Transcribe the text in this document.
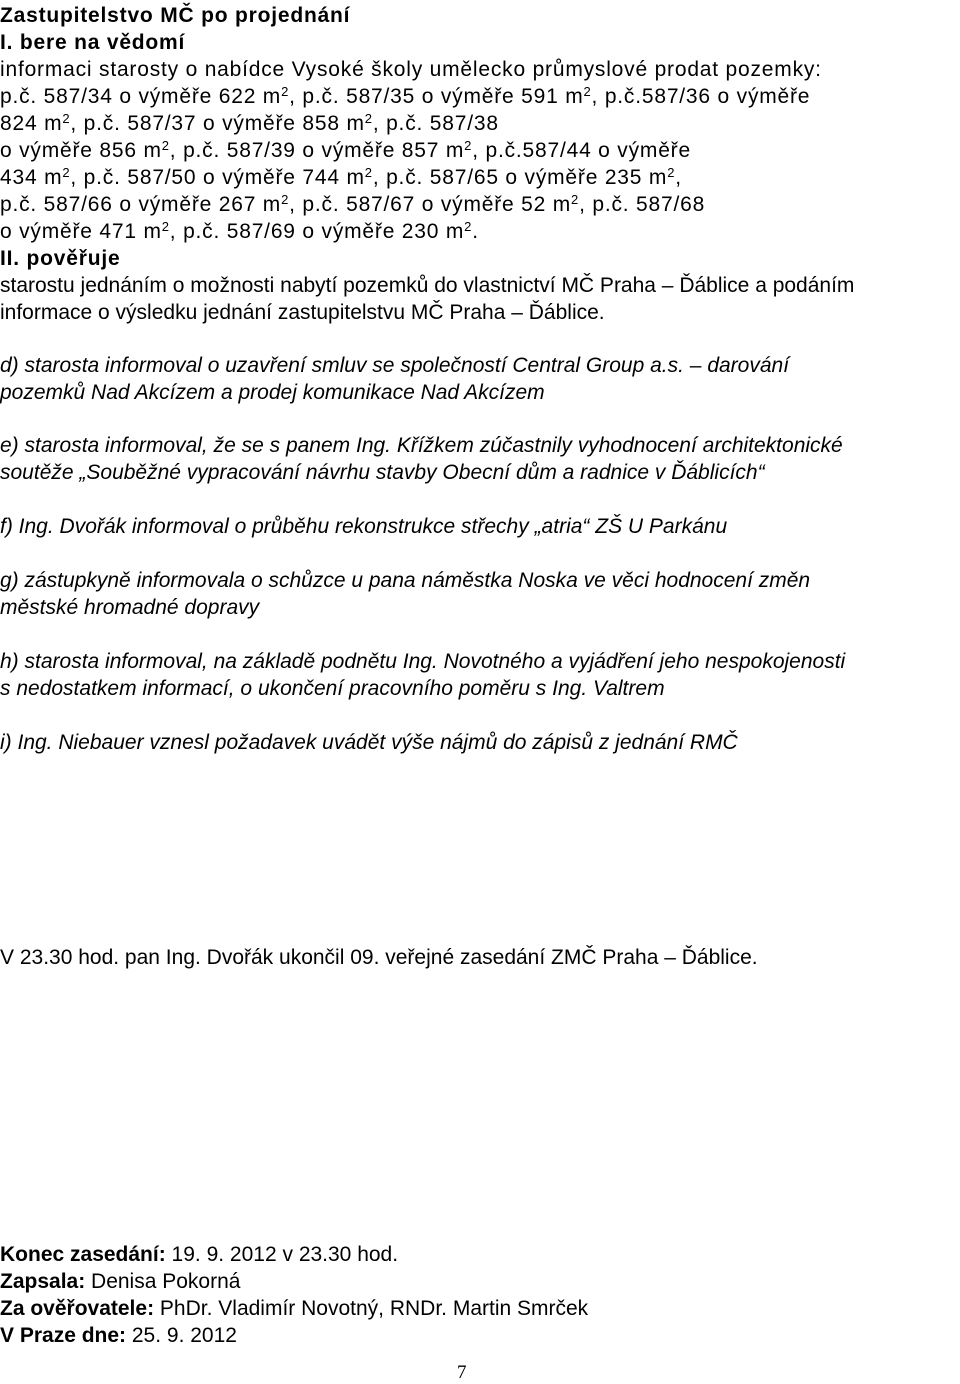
Zastupitelstvo MČ po projednání
I. bere na vědomí
informaci starosty o nabídce Vysoké školy umělecko průmyslové prodat pozemky:
p.č. 587/34 o výměře 622 $m^2$, p.č. 587/35 o výměře 591 $m^2$, p.č.587/36 o výměře
824 $m^2$, p.č. 587/37 o výměře 858 $m^2$, p.č. 587/38
o výměře 856 $m^2$, p.č. 587/39 o výměře 857 $m^2$, p.č.587/44 o výměře
434 $m^2$, p.č. 587/50 o výměře 744 $m^2$, p.č. 587/65 o výměře 235 $m^2$,
p.č. 587/66 o výměře 267 $m^2$, p.č. 587/67 o výměře 52 $m^2$, p.č. 587/68
o výměře 471 $m^2$, p.č. 587/69 o výměře 230 $m^2$.
II. pověřuje
starostu jednáním o možnosti nabytí pozemků do vlastnictví MČ Praha – Ďáblice a podáním
informace o výsledku jednání zastupitelstvu MČ Praha – Ďáblice.
d) starosta informoval o uzavření smluv se společností Central Group a.s. – darování
pozemků Nad Akcízem a prodej komunikace Nad Akcízem
e) starosta informoval, že se s panem Ing. Křížkem zúčastnily vyhodnocení architektonické
soutěže „Souběžné vypracování návrhu stavby Obecní dům a radnice v Ďáblicích“
f) Ing. Dvořák informoval o průběhu rekonstrukce střechy „atria“ ZŠ U Parkánu
g) zástupkyně informovala o schůzce u pana náměstka Noska ve věci hodnocení změn
městské hromadné dopravy
h) starosta informoval, na základě podnětu Ing. Novotného a vyjádření jeho nespokojenosti
s nedostatkem informací, o ukončení pracovního poměru s Ing. Valtrem
i) Ing. Niebauer vznesl požadavek uvádět výše nájmů do zápisů z jednání RMČ
V 23.30 hod. pan Ing. Dvořák ukončil 09. veřejné zasedání ZMČ Praha – Ďáblice.
Konec zasedání: 19. 9. 2012 v 23.30 hod.
Zapsala: Denisa Pokorná
Za ověřovatele: PhDr. Vladimír Novotný, RNDr. Martin Smrček
V Praze dne: 25. 9. 2012
7
